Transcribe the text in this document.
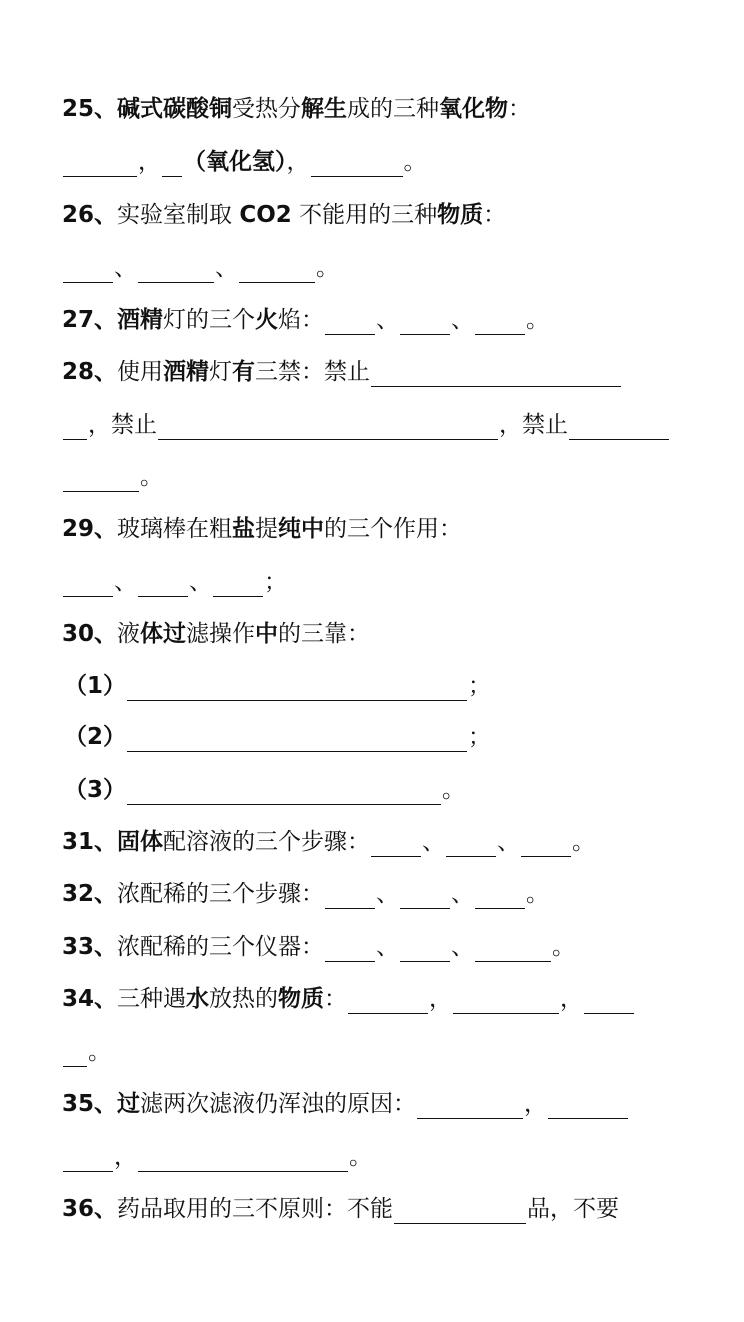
25、碱式碳酸铜受热分解生成的三种氧化物：
， （氧化氢），	。
26、实验室制取 CO2 不能用的三种物质：
、	、	。
27、酒精灯的三个火焰： 、 、 。
28、使用酒精灯有三禁：禁止
，禁止	，禁止
。
29、玻璃棒在粗盐提纯中的三个作用：
、 、 ；
30、液体过滤操作中的三靠：
（1）	；
（2）	；
（3）	。
31、固体配溶液的三个步骤： 、 、 。
32、浓配稀的三个步骤： 、 、 。
33、浓配稀的三个仪器： 、 、	。
34、三种遇水放热的物质：	，	，
。
35、过滤两次滤液仍浑浊的原因：	，
，	。
36、药品取用的三不原则：不能	品，不要
